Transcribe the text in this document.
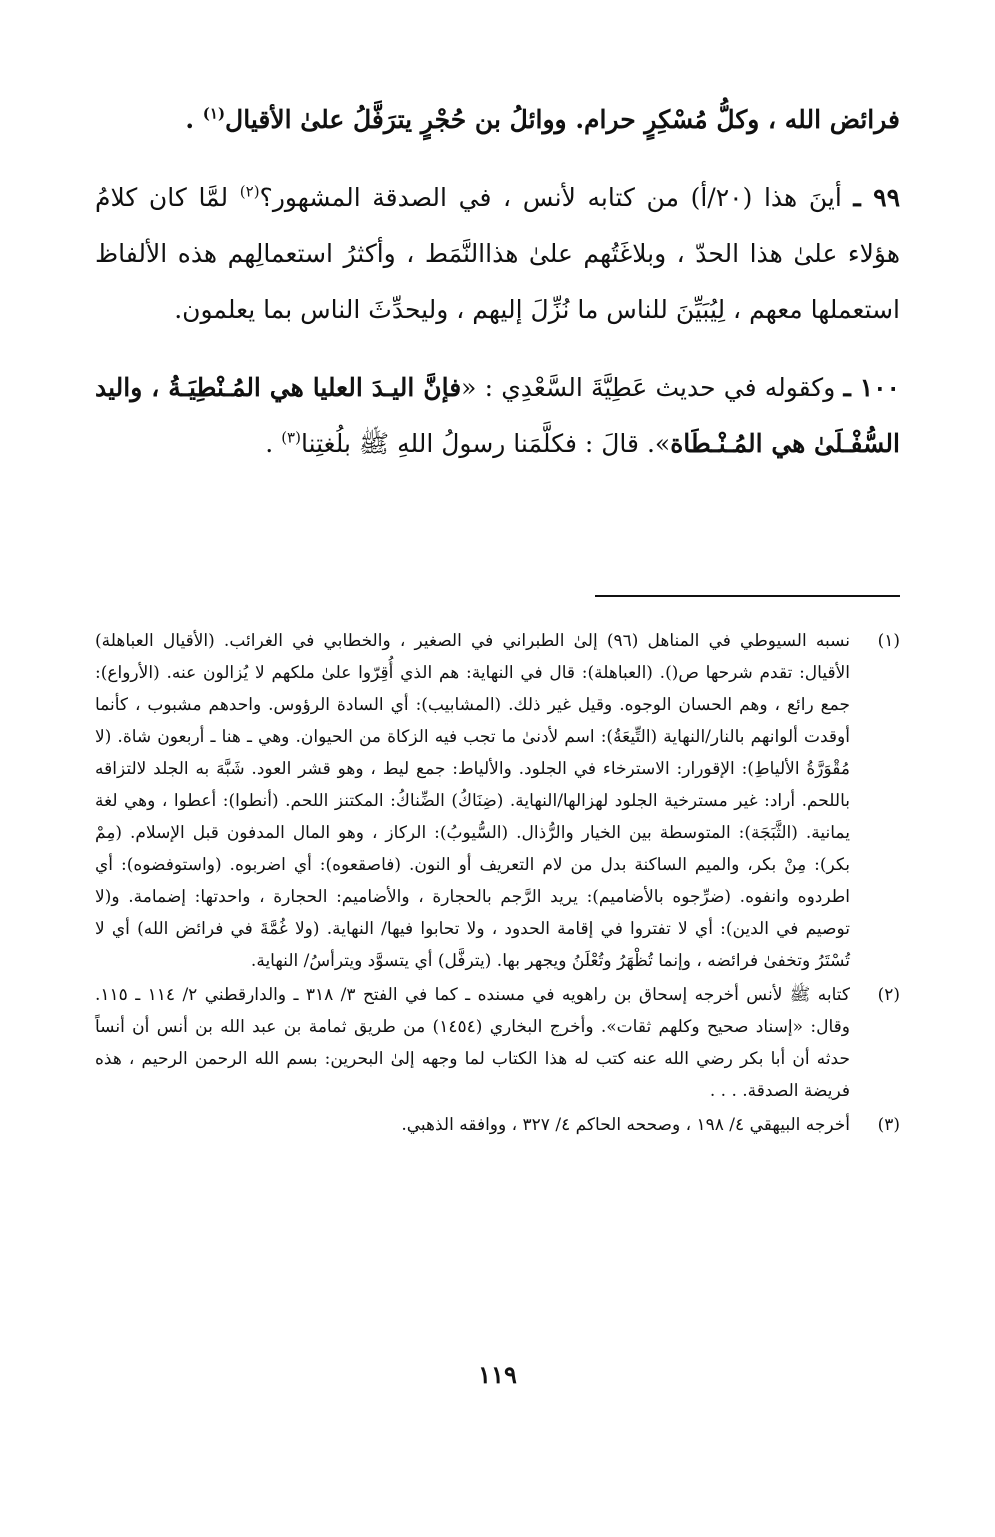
فرائض الله ، وكلُّ مُسْكِرٍ حرام. ووائلُ بن حُجْرٍ يترَفَّلُ علىٰ الأقيال$^{(١)}$ .

٩٩ ـ أينَ هذا (٢٠/أ) من كتابه لأنس ، في الصدقة المشهور؟$^{(٢)}$ لمَّا كان كلامُ هؤلاء علىٰ هذا الحدّ ، وبلاغَتُهم علىٰ هذاالنَّمَط ، وأكثرُ استعمالِهم هذه الألفاظ استعملها معهم ، لِيُبَيِّنَ للناس ما نُزِّلَ إليهم ، وليحدِّثَ الناس بما يعلمون.

١٠٠ ـ وكقوله في حديث عَطِيَّةَ السَّعْدِي : «فإنَّ اليـدَ العليا هي المُـنْطِيَـةُ ، واليد السُّفْـلَىٰ هي المُـنْـطَاة». قالَ : فكلَّمَنا رسولُ اللهِ ﷺ بلُغتِنا$^{(٣)}$ .

(١)
نسبه السيوطي في المناهل (٩٦) إلىٰ الطبراني في الصغير ، والخطابي في الغرائب. (الأقيال العباهلة) الأقيال: تقدم شرحها ص(). (العباهلة): قال في النهاية: هم الذي أُقِرّوا علىٰ ملكهم لا يُزالون عنه. (الأرواع): جمع رائع ، وهم الحسان الوجوه. وقيل غير ذلك. (المشابيب): أي السادة الرؤوس. واحدهم مشبوب ، كأنما أوقدت ألوانهم بالنار/النهاية (التِّيعَةُ): اسم لأدنىٰ ما تجب فيه الزكاة من الحيوان. وهي ـ هنا ـ أربعون شاة. (لا مُقْوَرَّةُ الألياطِ): الإقورار: الاسترخاء في الجلود. والألياط: جمع ليط ، وهو قشر العود. شَبَّهَ به الجلد لالتزاقه باللحم. أراد: غير مسترخية الجلود لهزالها/النهاية. (ضِنَاكُ) الضِّناكُ: المكتنز اللحم. (أنطوا): أعطوا ، وهي لغة يمانية. (الثَّبَجَة): المتوسطة بين الخيار والرُّذال. (السُّيوبُ): الركاز ، وهو المال المدفون قبل الإسلام. (مِمْ بكر): مِنْ بكر، والميم الساكنة بدل من لام التعريف أو النون. (فاصقعوه): أي اضربوه. (واستوفضوه): أي اطردوه وانفوه. (ضرِّجوه بالأضاميم): يريد الرَّجم بالحجارة ، والأضاميم: الحجارة ، واحدتها: إضمامة. و(لا توصيم في الدين): أي لا تفتروا في إقامة الحدود ، ولا تحابوا فيها/ النهاية. (ولا غُمَّةَ في فرائض الله) أي لا تُسْتَرُ وتخفىٰ فرائضه ، وإنما تُظْهَرُ وتُعْلَنُ ويجهر بها. (يترفَّل) أي يتسوَّد ويترأسُ/ النهاية.
(٢)
كتابه ﷺ لأنس أخرجه إسحاق بن راهويه في مسنده ـ كما في الفتح ٣/ ٣١٨ ـ والدارقطني ٢/ ١١٤ ـ ١١٥. وقال: «إسناد صحيح وكلهم ثقات». وأخرج البخاري (١٤٥٤) من طريق ثمامة بن عبد الله بن أنس أن أنساً حدثه أن أبا بكر رضي الله عنه كتب له هذا الكتاب لما وجهه إلىٰ البحرين: بسم الله الرحمن الرحيم ، هذه فريضة الصدقة. . . .
(٣)
أخرجه البيهقي ٤/ ١٩٨ ، وصححه الحاكم ٤/ ٣٢٧ ، ووافقه الذهبي.
١١٩
